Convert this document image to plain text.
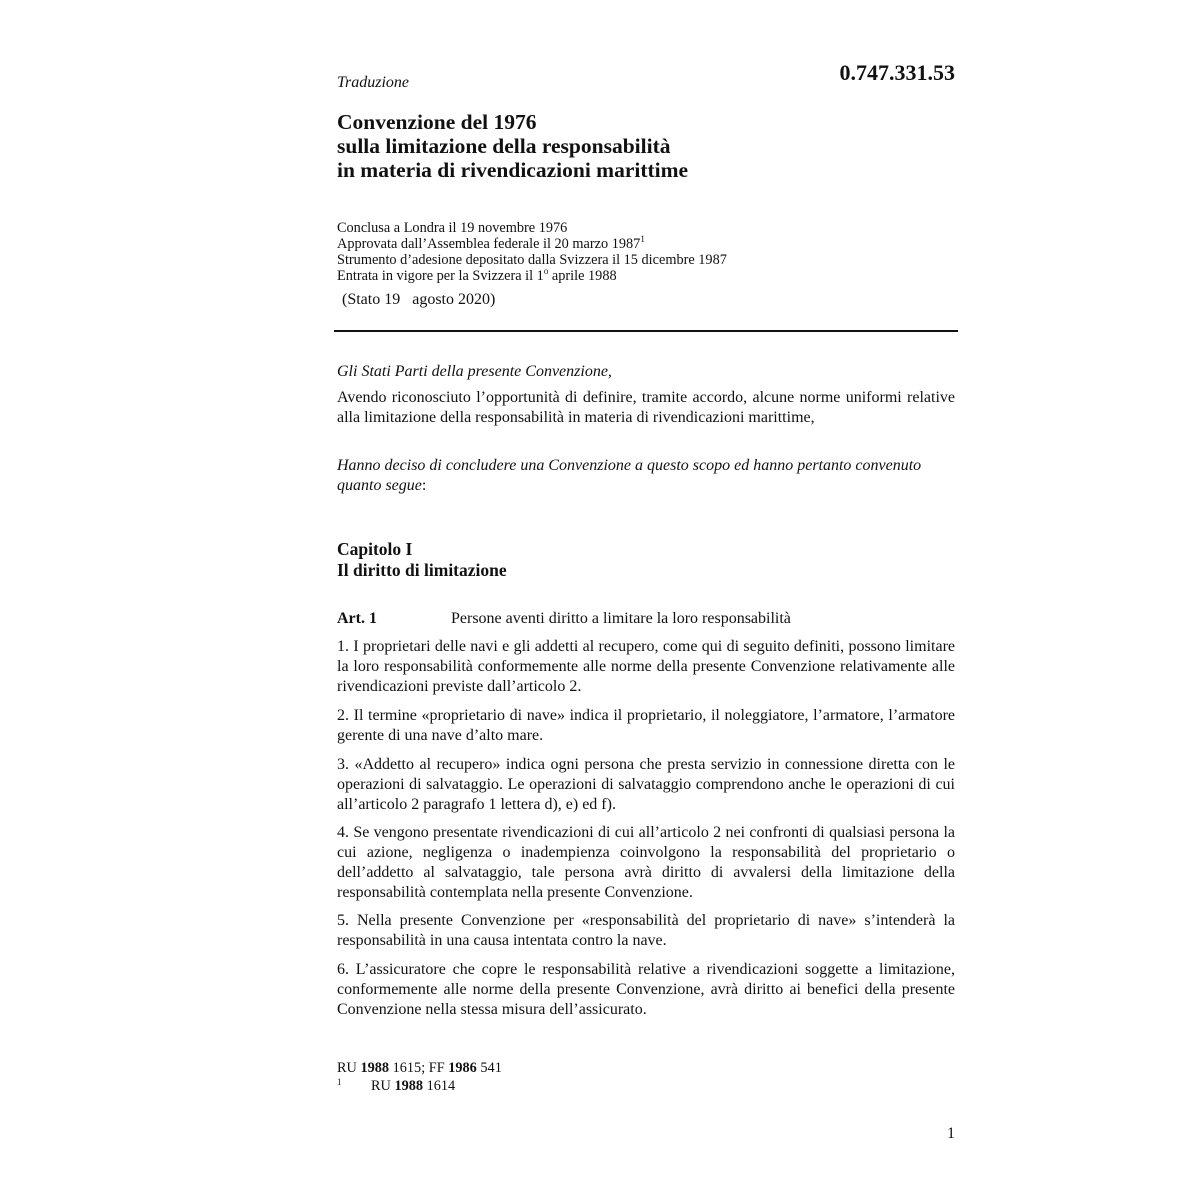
Traduzione	0.747.331.53
Convenzione del 1976
sulla limitazione della responsabilità
in materia di rivendicazioni marittime
Conclusa a Londra il 19 novembre 1976
Approvata dall’Assemblea federale il 20 marzo 1987$^1$
Strumento d’adesione depositato dalla Svizzera il 15 dicembre 1987
Entrata in vigore per la Svizzera il 1$^o$ aprile 1988
(Stato 19   agosto 2020)
Gli Stati Parti della presente Convenzione,
Avendo riconosciuto l’opportunità di definire, tramite accordo, alcune norme uniformi relative alla limitazione della responsabilità in materia di rivendicazioni marittime,
Hanno deciso di concludere una Convenzione a questo scopo ed hanno pertanto convenuto quanto segue:
Capitolo I
Il diritto di limitazione
Art. 1	Persone aventi diritto a limitare la loro responsabilità
1. I proprietari delle navi e gli addetti al recupero, come qui di seguito definiti, possono limitare la loro responsabilità conformemente alle norme della presente Convenzione relativamente alle rivendicazioni previste dall’articolo 2.
2. Il termine «proprietario di nave» indica il proprietario, il noleggiatore, l’armatore, l’armatore gerente di una nave d’alto mare.
3. «Addetto al recupero» indica ogni persona che presta servizio in connessione diretta con le operazioni di salvataggio. Le operazioni di salvataggio comprendono anche le operazioni di cui all’articolo 2 paragrafo 1 lettera d), e) ed f).
4. Se vengono presentate rivendicazioni di cui all’articolo 2 nei confronti di qualsiasi persona la cui azione, negligenza o inadempienza coinvolgono la responsabilità del proprietario o dell’addetto al salvataggio, tale persona avrà diritto di avvalersi della limitazione della responsabilità contemplata nella presente Convenzione.
5. Nella presente Convenzione per «responsabilità del proprietario di nave» s’intenderà la responsabilità in una causa intentata contro la nave.
6. L’assicuratore che copre le responsabilità relative a rivendicazioni soggette a limitazione, conformemente alle norme della presente Convenzione, avrà diritto ai benefici della presente Convenzione nella stessa misura dell’assicurato.
RU 1988 1615; FF 1986 541
1 RU 1988 1614
1
